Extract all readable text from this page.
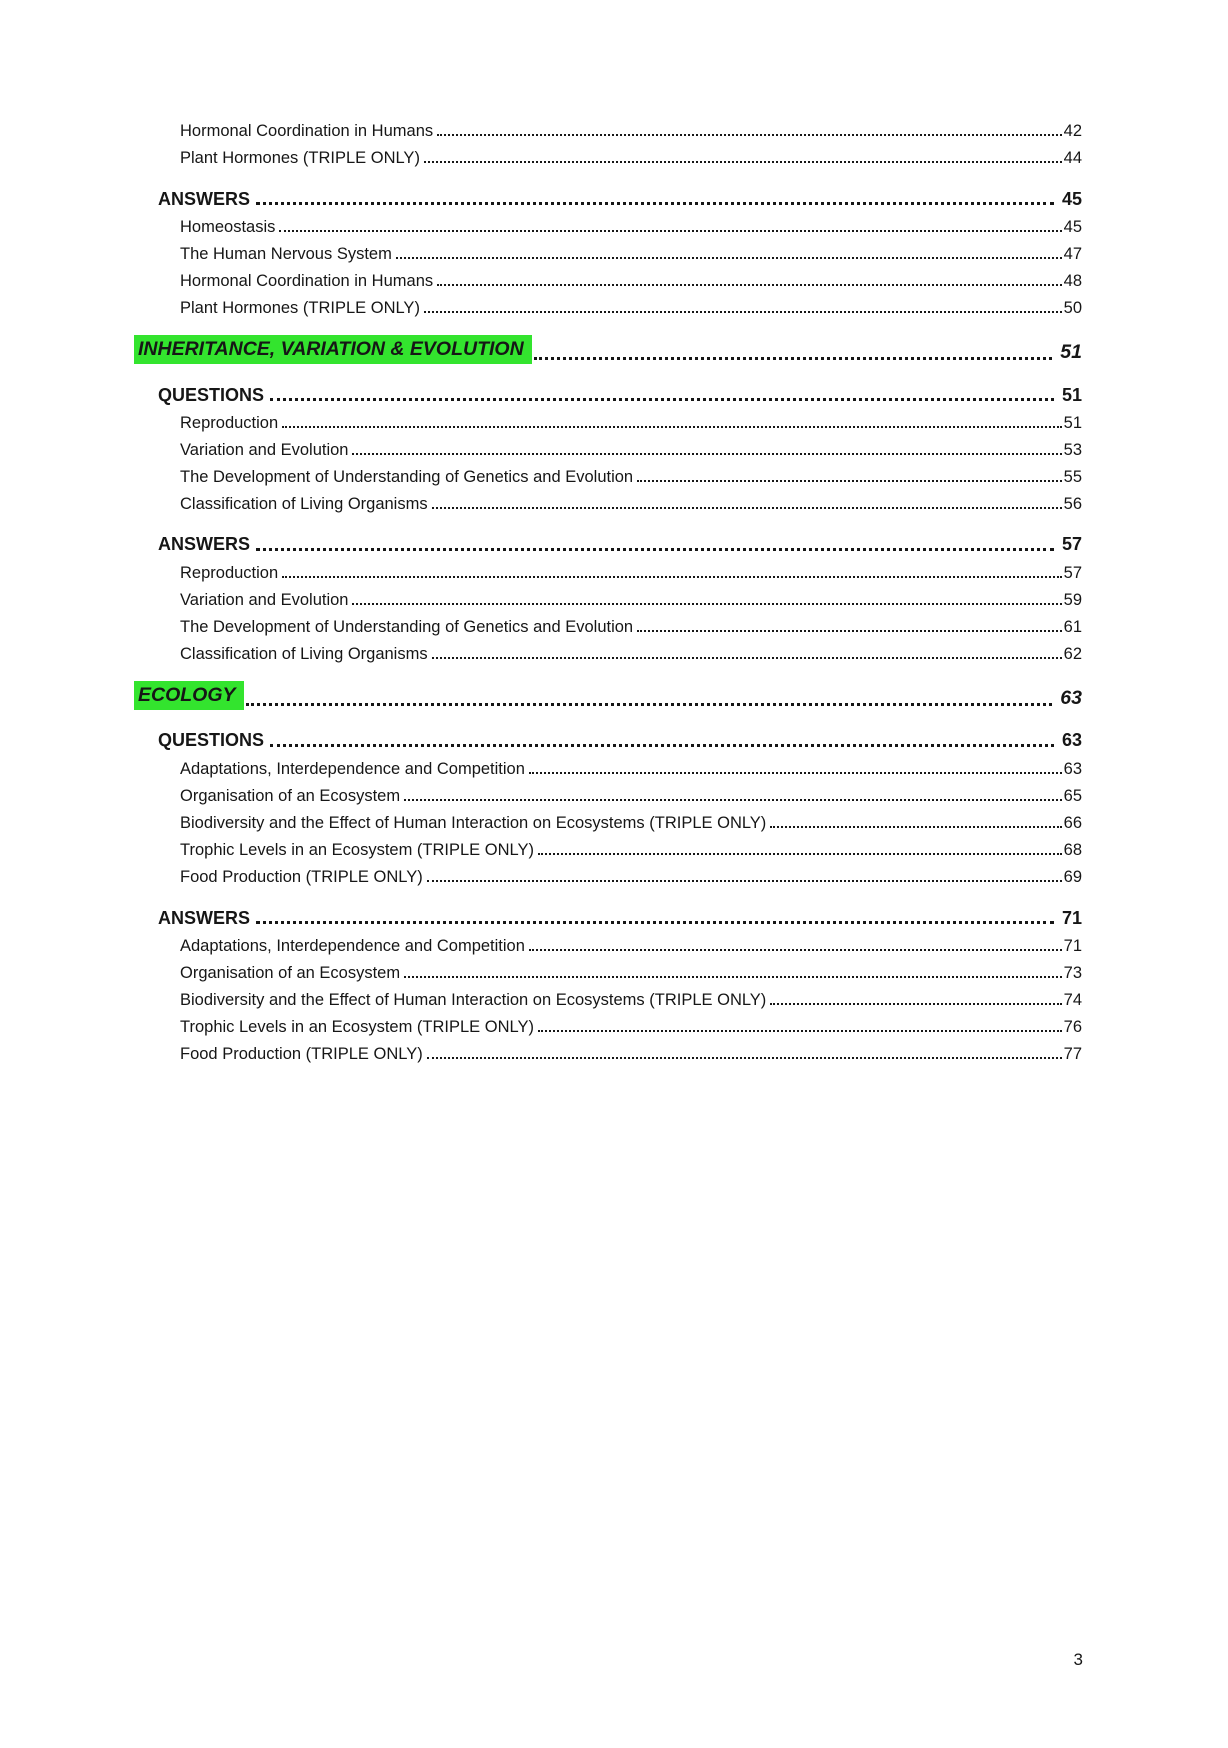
Hormonal Coordination in Humans	42
Plant Hormones (TRIPLE ONLY)	44
ANSWERS	45
Homeostasis	45
The Human Nervous System	47
Hormonal Coordination in Humans	48
Plant Hormones (TRIPLE ONLY)	50
INHERITANCE, VARIATION & EVOLUTION	51
QUESTIONS	51
Reproduction	51
Variation and Evolution	53
The Development of Understanding of Genetics and Evolution	55
Classification of Living Organisms	56
ANSWERS	57
Reproduction	57
Variation and Evolution	59
The Development of Understanding of Genetics and Evolution	61
Classification of Living Organisms	62
ECOLOGY	63
QUESTIONS	63
Adaptations, Interdependence and Competition	63
Organisation of an Ecosystem	65
Biodiversity and the Effect of Human Interaction on Ecosystems (TRIPLE ONLY)	66
Trophic Levels in an Ecosystem (TRIPLE ONLY)	68
Food Production (TRIPLE ONLY)	69
ANSWERS	71
Adaptations, Interdependence and Competition	71
Organisation of an Ecosystem	73
Biodiversity and the Effect of Human Interaction on Ecosystems (TRIPLE ONLY)	74
Trophic Levels in an Ecosystem (TRIPLE ONLY)	76
Food Production (TRIPLE ONLY)	77
3
